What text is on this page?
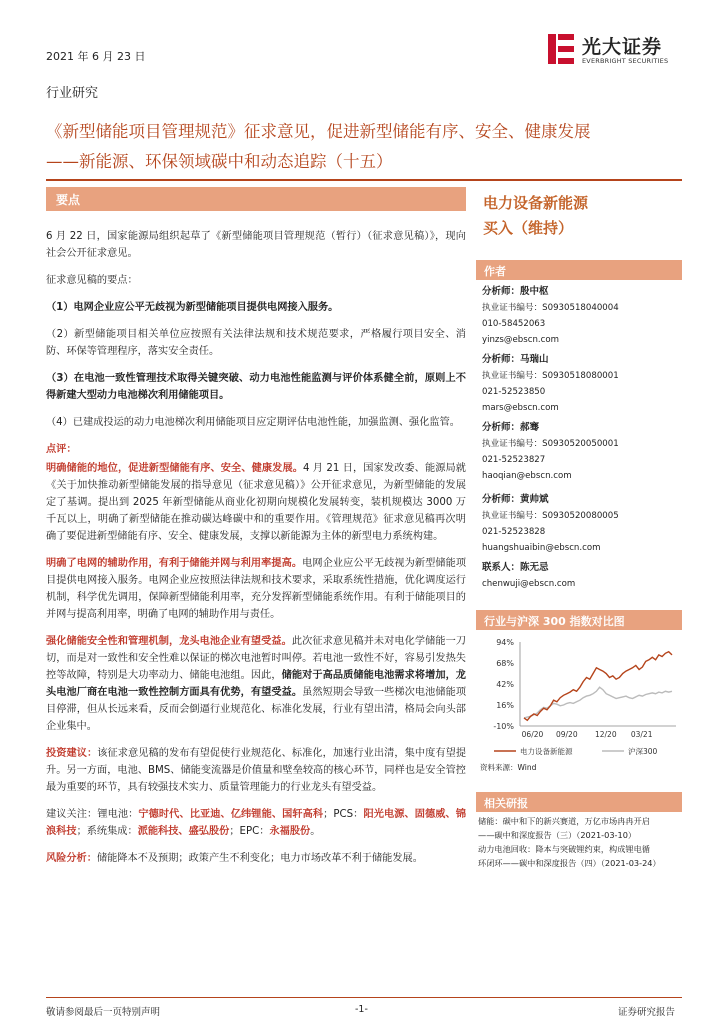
2021 年 6 月 23 日
行业研究
光大证券
EVERBRIGHT SECURITIES
《新型储能项目管理规范》征求意见，促进新型储能有序、安全、健康发展
——新能源、环保领域碳中和动态追踪（十五）
要点	电力设备新能源
买入（维持）

6 月 22 日，国家能源局组织起草了《新型储能项目管理规范（暂行）（征求意见稿）》，现向社会公开征求意见。

征求意见稿的要点：

（1）电网企业应公平无歧视为新型储能项目提供电网接入服务。

（2）新型储能项目相关单位应按照有关法律法规和技术规范要求，严格履行项目安全、消防、环保等管理程序，落实安全责任。

（3）在电池一致性管理技术取得关键突破、动力电池性能监测与评价体系健全前，原则上不得新建大型动力电池梯次利用储能项目。

（4）已建成投运的动力电池梯次利用储能项目应定期评估电池性能，加强监测、强化监管。

点评：

明确储能的地位，促进新型储能有序、安全、健康发展。4 月 21 日，国家发改委、能源局就《关于加快推动新型储能发展的指导意见（征求意见稿）》公开征求意见，为新型储能的发展定了基调。提出到 2025 年新型储能从商业化初期向规模化发展转变，装机规模达 3000 万千瓦以上，明确了新型储能在推动碳达峰碳中和的重要作用。《管理规范》征求意见稿再次明确了要促进新型储能有序、安全、健康发展，支撑以新能源为主体的新型电力系统构建。

明确了电网的辅助作用，有利于储能并网与利用率提高。电网企业应公平无歧视为新型储能项目提供电网接入服务。电网企业应按照法律法规和技术要求，采取系统性措施，优化调度运行机制，科学优先调用，保障新型储能利用率，充分发挥新型储能系统作用。有利于储能项目的并网与提高利用率，明确了电网的辅助作用与责任。

强化储能安全性和管理机制，龙头电池企业有望受益。此次征求意见稿并未对电化学储能一刀切，而是对一致性和安全性难以保证的梯次电池暂时叫停。若电池一致性不好，容易引发热失控等故障，特别是大功率动力、储能电池组。因此，储能对于高品质储能电池需求将增加，龙头电池厂商在电池一致性控制方面具有优势，有望受益。虽然短期会导致一些梯次电池储能项目停滞，但从长远来看，反而会倒逼行业规范化、标准化发展，行业有望出清，格局会向头部企业集中。

投资建议：该征求意见稿的发布有望促使行业规范化、标准化，加速行业出清，集中度有望提升。另一方面，电池、BMS、储能变流器是价值量和壁垒较高的核心环节，同样也是安全管控最为重要的环节，具有较强技术实力、质量管理能力的行业龙头有望受益。

建议关注：锂电池：宁德时代、比亚迪、亿纬锂能、国轩高科；PCS：阳光电源、固德威、锦浪科技；系统集成：派能科技、盛弘股份；EPC：永福股份。

风险分析：储能降本不及预期；政策产生不利变化；电力市场改革不利于储能发展。

作者
分析师：殷中枢
执业证书编号：S0930518040004
010-58452063
yinzs@ebscn.com
分析师：马瑞山
执业证书编号：S0930518080001
021-52523850
mars@ebscn.com
分析师：郝骞
执业证书编号：S0930520050001
021-52523827
haoqian@ebscn.com
分析师：黄帅斌
执业证书编号：S0930520080005
021-52523828
huangshuaibin@ebscn.com
联系人：陈无忌
chenwuji@ebscn.com
行业与沪深 300 指数对比图
94%
68%
42%
16%
-10%
06/20 09/20 12/20 03/21
电力设备新能源	沪深300
资料来源：Wind
相关研报
储能：碳中和下的新兴赛道，万亿市场冉冉开启
——碳中和深度报告（三）（2021-03-10）
动力电池回收：降本与突破锂约束，构成锂电循
环闭环——碳中和深度报告（四）（2021-03-24）
敬请参阅最后一页特别声明	-1-	证券研究报告
